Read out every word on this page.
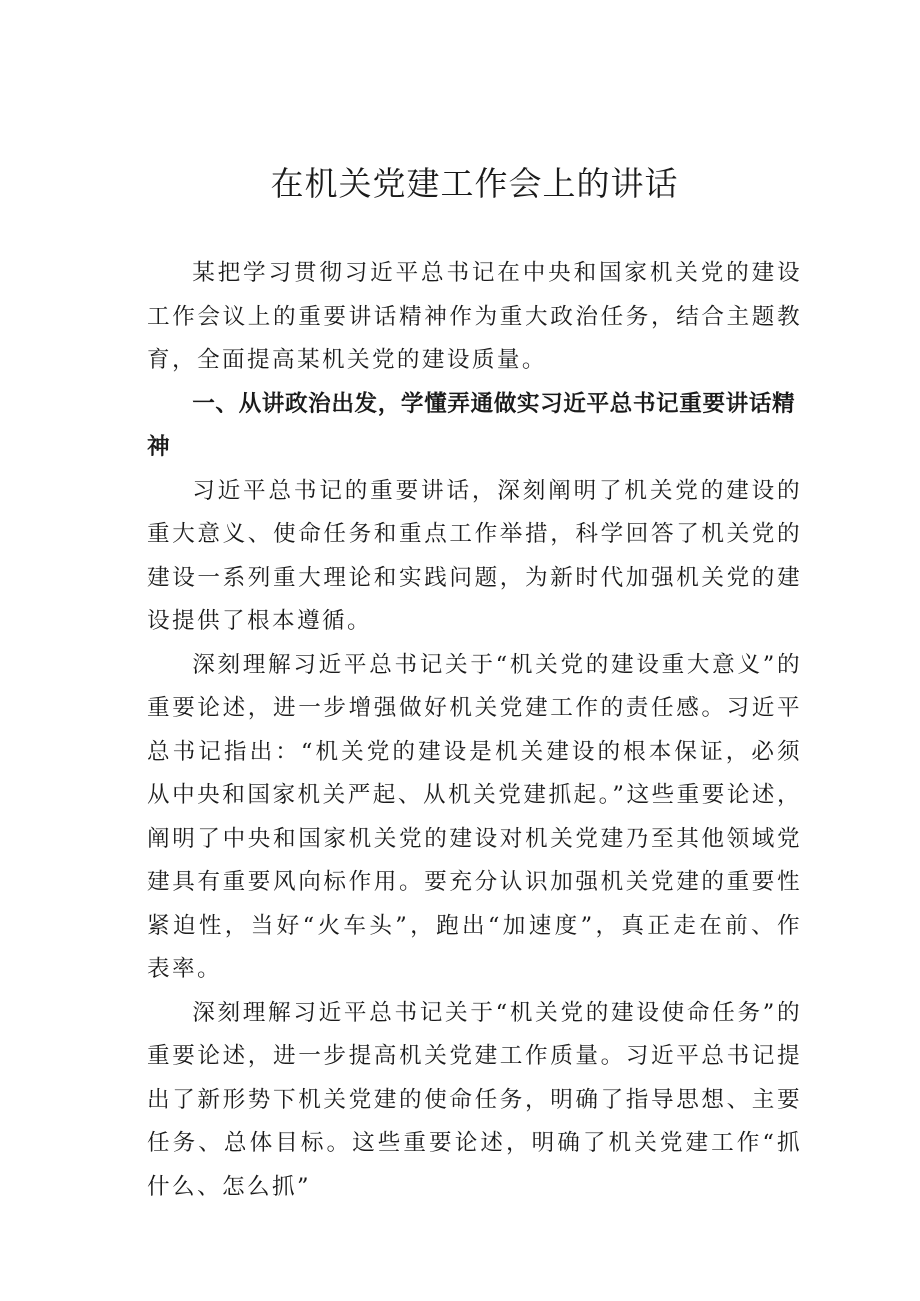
在机关党建工作会上的讲话

某把学习贯彻习近平总书记在中央和国家机关党的建设工作会议上的重要讲话精神作为重大政治任务，结合主题教育，全面提高某机关党的建设质量。

一、从讲政治出发，学懂弄通做实习近平总书记重要讲话精神

习近平总书记的重要讲话，深刻阐明了机关党的建设的重大意义、使命任务和重点工作举措，科学回答了机关党的建设一系列重大理论和实践问题，为新时代加强机关党的建设提供了根本遵循。

深刻理解习近平总书记关于“机关党的建设重大意义”的重要论述，进一步增强做好机关党建工作的责任感。习近平总书记指出：“机关党的建设是机关建设的根本保证，必须从中央和国家机关严起、从机关党建抓起。”这些重要论述，阐明了中央和国家机关党的建设对机关党建乃至其他领域党建具有重要风向标作用。要充分认识加强机关党建的重要性紧迫性，当好“火车头”，跑出“加速度”，真正走在前、作表率。

深刻理解习近平总书记关于“机关党的建设使命任务”的重要论述，进一步提高机关党建工作质量。习近平总书记提出了新形势下机关党建的使命任务，明确了指导思想、主要任务、总体目标。这些重要论述，明确了机关党建工作“抓什么、怎么抓”
